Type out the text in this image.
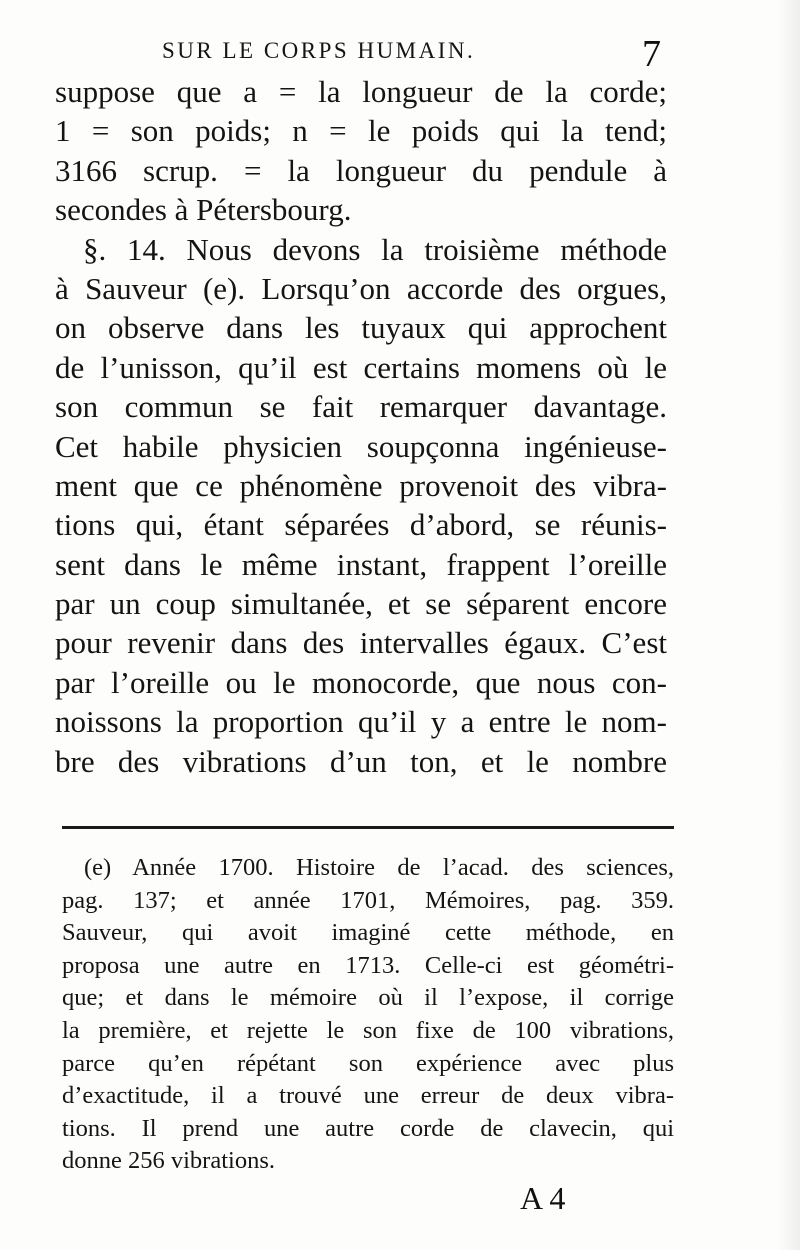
SUR LE CORPS HUMAIN.	7
suppose que a = la longueur de la corde;
1 = son poids; n = le poids qui la tend;
3166 scrup. = la longueur du pendule à
secondes à Pétersbourg.
§. 14. Nous devons la troisième méthode
à Sauveur (e). Lorsqu’on accorde des orgues,
on observe dans les tuyaux qui approchent
de l’unisson, qu’il est certains momens où le
son commun se fait remarquer davantage.
Cet habile physicien soupçonna ingénieuse-
ment que ce phénomène provenoit des vibra-
tions qui, étant séparées d’abord, se réunis-
sent dans le même instant, frappent l’oreille
par un coup simultanée, et se séparent encore
pour revenir dans des intervalles égaux. C’est
par l’oreille ou le monocorde, que nous con-
noissons la proportion qu’il y a entre le nom-
bre des vibrations d’un ton, et le nombre
(e) Année 1700. Histoire de l’acad. des sciences,
pag. 137; et année 1701, Mémoires, pag. 359.
Sauveur, qui avoit imaginé cette méthode, en
proposa une autre en 1713. Celle-ci est géométri-
que; et dans le mémoire où il l’expose, il corrige
la première, et rejette le son fixe de 100 vibrations,
parce qu’en répétant son expérience avec plus
d’exactitude, il a trouvé une erreur de deux vibra-
tions. Il prend une autre corde de clavecin, qui
donne 256 vibrations.
A 4
